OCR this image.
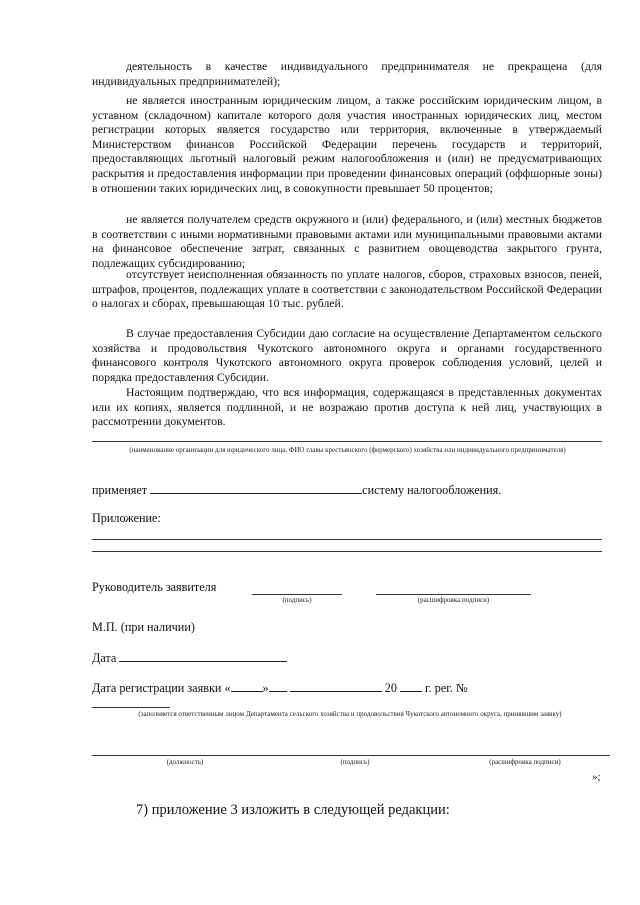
деятельность в качестве индивидуального предпринимателя не прекращена (для индивидуальных предпринимателей);

не является иностранным юридическим лицом, а также российским юридическим лицом, в уставном (складочном) капитале которого доля участия иностранных юридических лиц, местом регистрации которых является государство или территория, включенные в утверждаемый Министерством финансов Российской Федерации перечень государств и территорий, предоставляющих льготный налоговый режим налогообложения и (или) не предусматривающих раскрытия и предоставления информации при проведении финансовых операций (оффшорные зоны) в отношении таких юридических лиц, в совокупности превышает 50 процентов;

не является получателем средств окружного и (или) федерального, и (или) местных бюджетов в соответствии с иными нормативными правовыми актами или муниципальными правовыми актами на финансовое обеспечение затрат, связанных с развитием овощеводства закрытого грунта, подлежащих субсидированию;

отсутствует неисполненная обязанность по уплате налогов, сборов, страховых взносов, пеней, штрафов, процентов, подлежащих уплате в соответствии с законодательством Российской Федерации о налогах и сборах, превышающая 10 тыс. рублей.

В случае предоставления Субсидии даю согласие на осуществление Департаментом сельского хозяйства и продовольствия Чукотского автономного округа и органами государственного финансового контроля Чукотского автономного округа проверок соблюдения условий, целей и порядка предоставления Субсидии.

Настоящим подтверждаю, что вся информация, содержащаяся в представленных документах или их копиях, является подлинной, и не возражаю против доступа к ней лиц, участвующих в рассмотрении документов.

(наименование организации для юридического лица, ФИО главы крестьянского (фермерского) хозяйства или индивидуального предпринимателя)
применяет	систему налогообложения.
Приложение:
Руководитель заявителя
(подпись)	(расшифровка подписи)
М.П. (при наличии)
Дата
Дата регистрации заявки «	»	20 г. рег. №
(заполняется ответственным лицом Департамента сельского хозяйства и продовольствия Чукотского автономного округа, принявшим заявку)
(должность)	(подпись)	(расшифровка подписи)
»;
7) приложение 3 изложить в следующей редакции:
